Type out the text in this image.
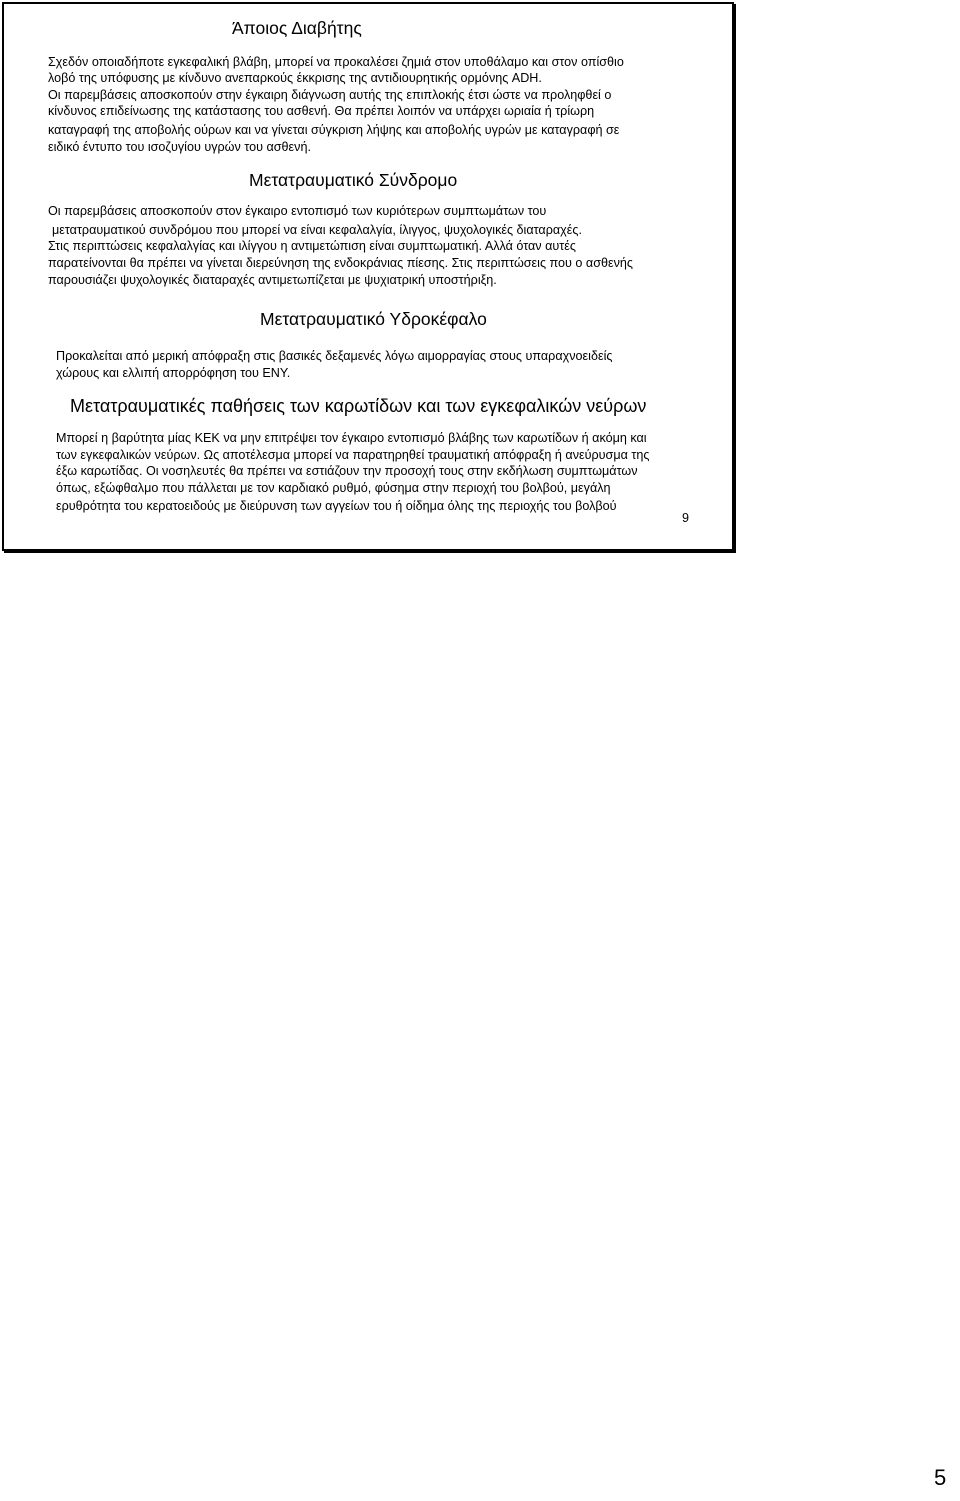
Άποιος Διαβήτης
Σχεδόν οποιαδήποτε εγκεφαλική βλάβη, μπορεί να προκαλέσει ζημιά στον υποθάλαμο και στον οπίσθιο
λοβό της υπόφυσης με κίνδυνο ανεπαρκούς έκκρισης της αντιδιουρητικής ορμόνης ADH.
Οι παρεμβάσεις αποσκοπούν στην έγκαιρη διάγνωση αυτής της επιπλοκής έτσι ώστε να προληφθεί ο
κίνδυνος επιδείνωσης της κατάστασης του ασθενή. Θα πρέπει λοιπόν να υπάρχει ωριαία ή τρίωρη
καταγραφή της αποβολής ούρων και να γίνεται σύγκριση λήψης και αποβολής υγρών με καταγραφή σε
ειδικό έντυπο του ισοζυγίου υγρών του ασθενή.
Μετατραυματικό Σύνδρομο
Οι παρεμβάσεις αποσκοπούν στον έγκαιρο εντοπισμό των κυριότερων συμπτωμάτων του
μετατραυματικού συνδρόμου που μπορεί να είναι κεφαλαλγία, ίλιγγος, ψυχολογικές διαταραχές.
Στις περιπτώσεις κεφαλαλγίας και ιλίγγου η αντιμετώπιση είναι συμπτωματική. Αλλά όταν αυτές
παρατείνονται θα πρέπει να γίνεται διερεύνηση της ενδοκράνιας πίεσης. Στις περιπτώσεις που ο ασθενής
παρουσιάζει ψυχολογικές διαταραχές αντιμετωπίζεται με ψυχιατρική υποστήριξη.
Μετατραυματικό Υδροκέφαλο
Προκαλείται από μερική απόφραξη στις βασικές δεξαμενές λόγω αιμορραγίας στους υπαραχνοειδείς
χώρους και ελλιπή απορρόφηση του ΕΝΥ.
Μετατραυματικές παθήσεις των καρωτίδων και των εγκεφαλικών νεύρων
Μπορεί η βαρύτητα μίας ΚΕΚ να μην επιτρέψει τον έγκαιρο εντοπισμό βλάβης των καρωτίδων ή ακόμη και
των εγκεφαλικών νεύρων. Ως αποτέλεσμα μπορεί να παρατηρηθεί τραυματική απόφραξη ή ανεύρυσμα της
έξω καρωτίδας. Οι νοσηλευτές θα πρέπει να εστιάζουν την προσοχή τους στην εκδήλωση συμπτωμάτων
όπως, εξώφθαλμο που πάλλεται με τον καρδιακό ρυθμό, φύσημα στην περιοχή του βολβού, μεγάλη
ερυθρότητα του κερατοειδούς με διεύρυνση των αγγείων του ή οίδημα όλης της περιοχής του βολβού
9
5
